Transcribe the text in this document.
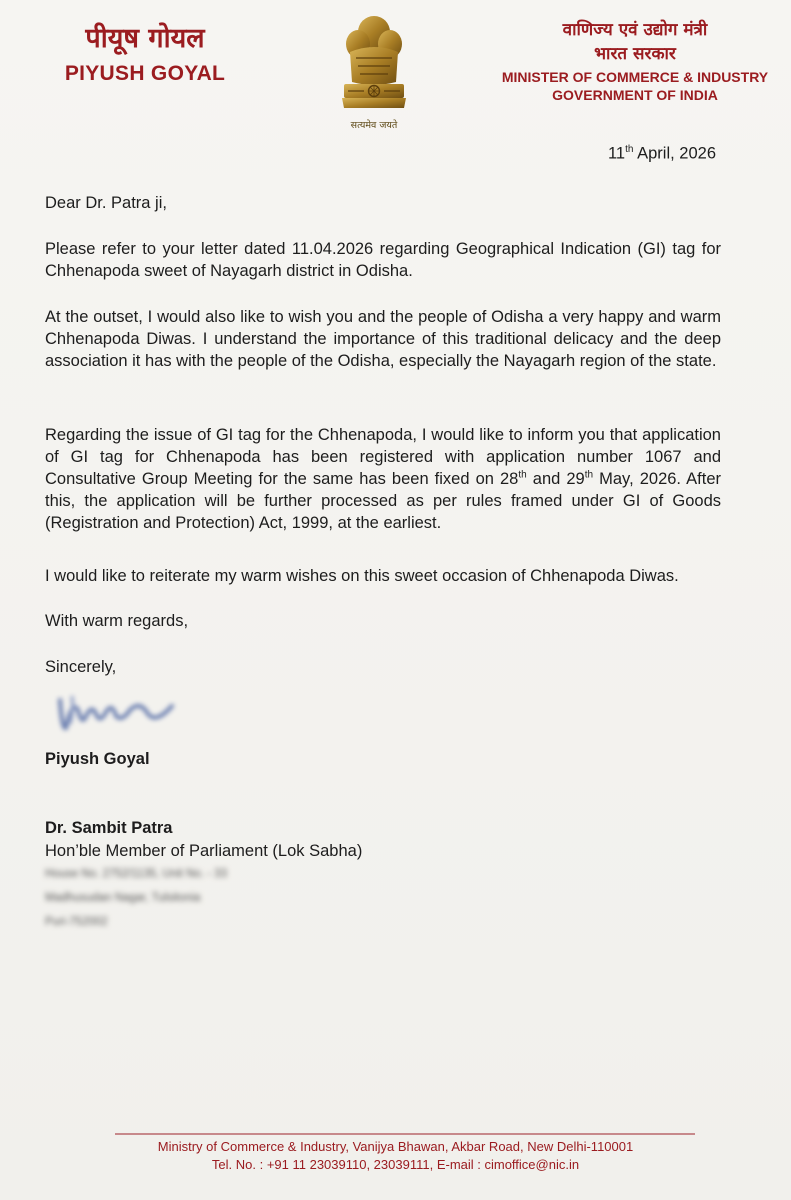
पीयूष गोयल
PIYUSH GOYAL
सत्यमेव जयते
वाणिज्य एवं उद्योग मंत्री
भारत सरकार
MINISTER OF COMMERCE & INDUSTRY
GOVERNMENT OF INDIA
11th April, 2026
Dear Dr. Patra ji,
Please refer to your letter dated 11.04.2026 regarding Geographical Indication (GI) tag for Chhenapoda sweet of Nayagarh district in Odisha.
At the outset, I would also like to wish you and the people of Odisha a very happy and warm Chhenapoda Diwas. I understand the importance of this traditional delicacy and the deep association it has with the people of the Odisha, especially the Nayagarh region of the state.
Regarding the issue of GI tag for the Chhenapoda, I would like to inform you that application of GI tag for Chhenapoda has been registered with application number 1067 and Consultative Group Meeting for the same has been fixed on 28th and 29th May, 2026. After this, the application will be further processed as per rules framed under GI of Goods (Registration and Protection) Act, 1999, at the earliest.
I would like to reiterate my warm wishes on this sweet occasion of Chhenapoda Diwas.
With warm regards,
Sincerely,
Piyush Goyal
Dr. Sambit Patra
Hon’ble Member of Parliament (Lok Sabha)
House No. 2752/1135, Unit No. - 33
Madhusudan Nagar, Tulsitonia
Puri-752002
Ministry of Commerce & Industry, Vanijya Bhawan, Akbar Road, New Delhi-110001
Tel. No. : +91 11 23039110, 23039111, E-mail : cimoffice@nic.in
